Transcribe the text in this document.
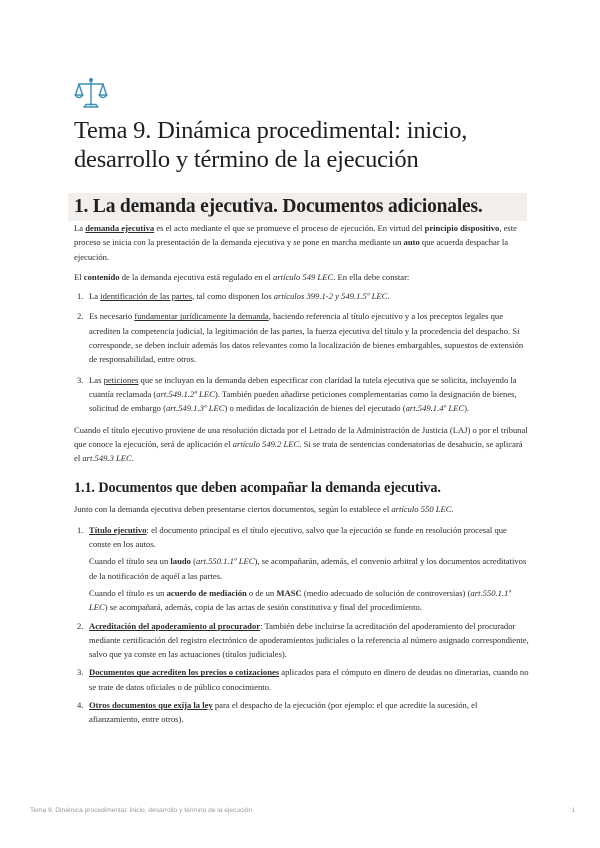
Tema 9. Dinámica procedimental: inicio,
desarrollo y término de la ejecución
1. La demanda ejecutiva. Documentos adicionales.

La demanda ejecutiva es el acto mediante el que se promueve el proceso de ejecución. En virtud del principio dispositivo, este proceso se inicia con la presentación de la demanda ejecutiva y se pone en marcha mediante un auto que acuerda despachar la ejecución.

El contenido de la demanda ejecutiva está regulado en el artículo 549 LEC. En ella debe constar:

1. La identificación de las partes, tal como disponen los artículos 399.1-2 y 549.1.5º LEC.
2. Es necesario fundamentar jurídicamente la demanda, haciendo referencia al título ejecutivo y a los preceptos legales que acrediten la competencia judicial, la legitimación de las partes, la fuerza ejecutiva del título y la procedencia del despacho. Si corresponde, se deben incluir además los datos relevantes como la localización de bienes embargables, supuestos de extensión de responsabilidad, entre otros.
3. Las peticiones que se incluyan en la demanda deben especificar con claridad la tutela ejecutiva que se solicita, incluyendo la cuantía reclamada (art.549.1.2º LEC). También pueden añadirse peticiones complementarias como la designación de bienes, solicitud de embargo (art.549.1.3º LEC) o medidas de localización de bienes del ejecutado (art.549.1.4º LEC).

Cuando el título ejecutivo proviene de una resolución dictada por el Letrado de la Administración de Justicia (LAJ) o por el tribunal que conoce la ejecución, será de aplicación el artículo 549.2 LEC. Si se trata de sentencias condenatorias de desahucio, se aplicará el art.549.3 LEC.

1.1. Documentos que deben acompañar la demanda ejecutiva.

Junto con la demanda ejecutiva deben presentarse ciertos documentos, según lo establece el artículo 550 LEC.

1. Título ejecutivo: el documento principal es el título ejecutivo, salvo que la ejecución se funde en resolución procesal que conste en los autos.

Cuando el título sea un laudo (art.550.1.1º LEC), se acompañarán, además, el convenio arbitral y los documentos acreditativos de la notificación de aquél a las partes.

Cuando el título es un acuerdo de mediación o de un MASC (medio adecuado de solución de controversias) (art.550.1.1º LEC) se acompañará, además, copia de las actas de sesión constitutiva y final del procedimiento.

2. Acreditación del apoderamiento al procurador: También debe incluirse la acreditación del apoderamiento del procurador mediante certificación del registro electrónico de apoderamientos judiciales o la referencia al número asignado correspondiente, salvo que ya conste en las actuaciones (títulos judiciales).
3. Documentos que acrediten los precios o cotizaciones aplicados para el cómputo en dinero de deudas no dinerarias, cuando no se trate de datos oficiales o de público conocimiento.
4. Otros documentos que exija la ley para el despacho de la ejecución (por ejemplo: el que acredite la sucesión, el afianzamiento, entre otros).
Tema 9. Dinámica procedimental: inicio, desarrollo y término de la ejecución	1
